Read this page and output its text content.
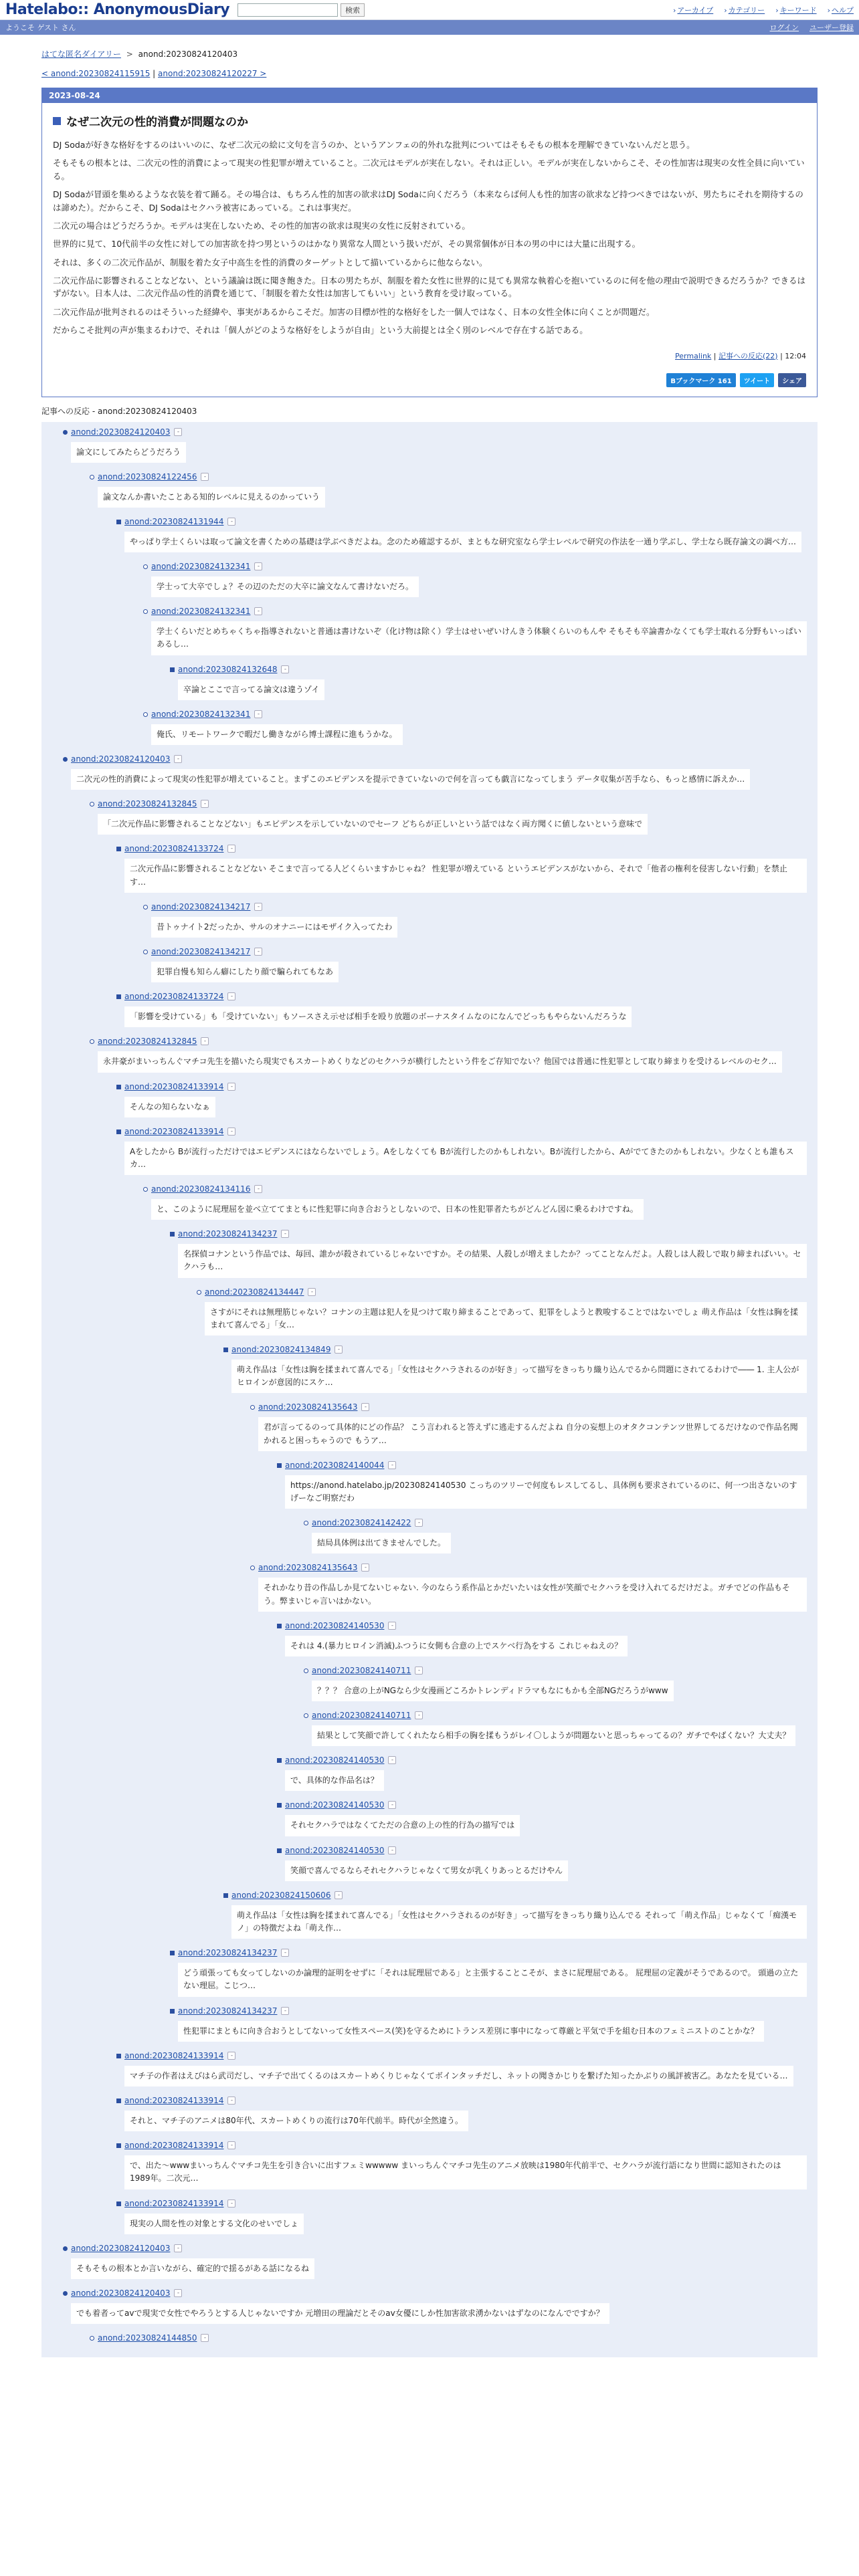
Hatelabo:: AnonymousDiary	検索	› アーカイブ › カテゴリー › キーワード › ヘルプ
ようこそ ゲスト さん	ログイン ユーザー登録
はてな匿名ダイアリー > anond:20230824120403
< anond:20230824115915 | anond:20230824120227 >
2023-08-24
なぜ二次元の性的消費が問題なのか

DJ Sodaが好きな格好をするのはいいのに、なぜ二次元の絵に文句を言うのか、というアンフェの的外れな批判についてはそもそもの根本を理解できていないんだと思う。

そもそもの根本とは、二次元の性的消費によって現実の性犯罪が増えていること。二次元はモデルが実在しない。それは正しい。モデルが実在しないからこそ、その性加害は現実の女性全員に向いている。

DJ Sodaが冒頭を集めるような衣装を着て踊る。その場合は、もちろん性的加害の欲求はDJ Sodaに向くだろう（本来ならば何人も性的加害の欲求など持つべきではないが、男たちにそれを期待するのは諦めた）。だからこそ、DJ Sodaはセクハラ被害にあっている。これは事実だ。

二次元の場合はどうだろうか。モデルは実在しないため、その性的加害の欲求は現実の女性に反射されている。

世界的に見て、10代前半の女性に対しての加害欲を持つ男というのはかなり異常な人間という扱いだが、その異常個体が日本の男の中には大量に出現する。

それは、多くの二次元作品が、制服を着た女子中高生を性的消費のターゲットとして描いているからに他ならない。

二次元作品に影響されることなどない、という議論は既に聞き飽きた。日本の男たちが、制服を着た女性に世界的に見ても異常な執着心を抱いているのに何を他の理由で説明できるだろうか？できるはずがない。日本人は、二次元作品の性的消費を通じて、「制服を着た女性は加害してもいい」という教育を受け取っている。

二次元作品が批判されるのはそういった経緯や、事実があるからこそだ。加害の目標が性的な格好をした一個人ではなく、日本の女性全体に向くことが問題だ。

だからこそ批判の声が集まるわけで、それは「個人がどのような格好をしようが自由」という大前提とは全く別のレベルで存在する話である。

Permalink | 記事への反応(22) | 12:04
Bブックマーク 161	ツイート	シェア
記事への反応 - anond:20230824120403
anond:20230824120403	-
論文にしてみたらどうだろう
anond:20230824122456	-
論文なんか書いたことある知的レベルに見えるのかっていう
anond:20230824131944	-
やっぱり学士くらいは取って論文を書くための基礎は学ぶべきだよね。念のため確認するが、まともな研究室なら学士レベルで研究の作法を一通り学ぶし、学士なら既存論文の調べ方…
anond:20230824132341	-
学士って大卒でしょ？その辺のただの大卒に論文なんて書けないだろ。
anond:20230824132341	-
学士くらいだとめちゃくちゃ指導されないと普通は書けないぞ（化け物は除く）学士はせいぜいけんきう体験くらいのもんや そもそも卒論書かなくても学士取れる分野もいっぱいあるし…
anond:20230824132648	-
卒論とここで言ってる論文は違うゾイ
anond:20230824132341	-
俺氏、リモートワークで暇だし働きながら博士課程に進もうかな。
anond:20230824120403	-
二次元の性的消費によって現実の性犯罪が増えていること。まずこのエビデンスを提示できていないので何を言っても戯言になってしまう データ収集が苦手なら、もっと感情に訴えか…
anond:20230824132845	-
「二次元作品に影響されることなどない」もエビデンスを示していないのでセーフ どちらが正しいという話ではなく両方聞くに値しないという意味で
anond:20230824133724	-
二次元作品に影響されることなどない そこまで言ってる人どくらいますかじゃね？ 性犯罪が増えている というエビデンスがないから、それで「他者の権利を侵害しない行動」を禁止す…
anond:20230824134217	-
昔トゥナイト2だったか、サルのオナニーにはモザイク入ってたわ
anond:20230824134217	-
犯罪自慢も知らん癖にしたり顔で騙られてもなあ
anond:20230824133724	-
「影響を受けている」も「受けていない」もソースさえ示せば相手を殴り放題のボーナスタイムなのになんでどっちもやらないんだろうな
anond:20230824132845	-
永井豪がまいっちんぐマチコ先生を描いたら現実でもスカートめくりなどのセクハラが横行したという件をご存知でない？他国では普通に性犯罪として取り締まりを受けるレベルのセク…
anond:20230824133914	-
そんなの知らないなぁ
anond:20230824133914	-
Aをしたから Bが流行っただけではエビデンスにはならないでしょう。Aをしなくても Bが流行したのかもしれない。Bが流行したから、Aがでてきたのかもしれない。少なくとも誰もスカ…
anond:20230824134116	-
と、このように屁理屈を並べ立ててまともに性犯罪に向き合おうとしないので、日本の性犯罪者たちがどんどん図に乗るわけですね。
anond:20230824134237	-
名探偵コナンという作品では、毎回、誰かが殺されているじゃないですか。その結果、人殺しが増えましたか？ってことなんだよ。人殺しは人殺しで取り締まればいい。セクハラも…
anond:20230824134447	-
さすがにそれは無理筋じゃない？コナンの主題は犯人を見つけて取り締まることであって、犯罪をしようと教唆することではないでしょ 萌え作品は「女性は胸を揉まれて喜んでる」「女…
anond:20230824134849	-
萌え作品は「女性は胸を揉まれて喜んでる」「女性はセクハラされるのが好き」って描写をきっちり織り込んでるから問題にされてるわけで―― 1. 主人公がヒロインが意図的にスケ…
anond:20230824135643	-
君が言ってるのって具体的にどの作品？ こう言われると答えずに逃走するんだよね 自分の妄想上のオタクコンテンツ世界してるだけなので作品名聞かれると困っちゃうので もうア…
anond:20230824140044	-
https://anond.hatelabo.jp/20230824140530 こっちのツリーで何度もレスしてるし、具体例も要求されているのに、何一つ出さないのすげーなご明察だわ
anond:20230824142422	-
結局具体例は出てきませんでした。
anond:20230824135643	-
それかなり昔の作品しか見てないじゃない. 今のならう系作品とかだいたいは女性が笑顔でセクハラを受け入れてるだけだよ。ガチでどの作品もそう。弊まいじゃ言いはかない。
anond:20230824140530	-
それは 4.(暴力ヒロイン消滅)ふつうに女側も合意の上でスケベ行為をする これじゃねえの？
anond:20230824140711	-
？？？ 合意の上がNGなら少女漫画どころかトレンディドラマもなにもかも全部NGだろうがwww
anond:20230824140711	-
結果として笑顔で許してくれたなら相手の胸を揉もうがレイ〇しようが問題ないと思っちゃってるの？ガチでやばくない？大丈夫？
anond:20230824140530	-
で、具体的な作品名は？
anond:20230824140530	-
それセクハラではなくてただの合意の上の性的行為の描写では
anond:20230824140530	-
笑顔で喜んでるならそれセクハラじゃなくて男女が乳くりあっとるだけやん
anond:20230824150606	-
萌え作品は「女性は胸を揉まれて喜んでる」「女性はセクハラされるのが好き」って描写をきっちり織り込んでる それって「萌え作品」じゃなくて「痴漢モノ」の特徴だよね「萌え作…
anond:20230824134237	-
どう頑張っても女ってしないのか論理的証明をせずに「それは屁理屈である」と主張することこそが、まさに屁理屈である。 屁理屈の定義がそうであるので。 頭過の立たない理屈。こじつ…
anond:20230824134237	-
性犯罪にまともに向き合おうとしてないって女性スペース(笑)を守るためにトランス差別に事中になって尊厳と平気で手を組む日本のフェミニストのことかな？
anond:20230824133914	-
マチ子の作者はえびはら武司だし、マチ子で出てくるのはスカートめくりじゃなくてボインタッチだし、ネットの聞きかじりを繋げた知ったかぶりの風評被害乙。あなたを見ている…
anond:20230824133914	-
それと、マチ子のアニメは80年代、スカートめくりの流行は70年代前半。時代が全然違う。
anond:20230824133914	-
で、出た～wwwまいっちんぐマチコ先生を引き合いに出すフェミwwwww まいっちんぐマチコ先生のアニメ放映は1980年代前半で、セクハラが流行語になり世間に認知されたのは1989年。二次元…
anond:20230824133914	-
現実の人間を性の対象とする文化のせいでしょ
anond:20230824120403	-
そもそもの根本とか言いながら、確定的で揺るがある話になるね
anond:20230824120403	-
でも着者ってavで現実で女性でやろうとする人じゃないですか 元増田の理論だとそのav女優にしか性加害欲求湧かないはずなのになんでですか？
anond:20230824144850	-
